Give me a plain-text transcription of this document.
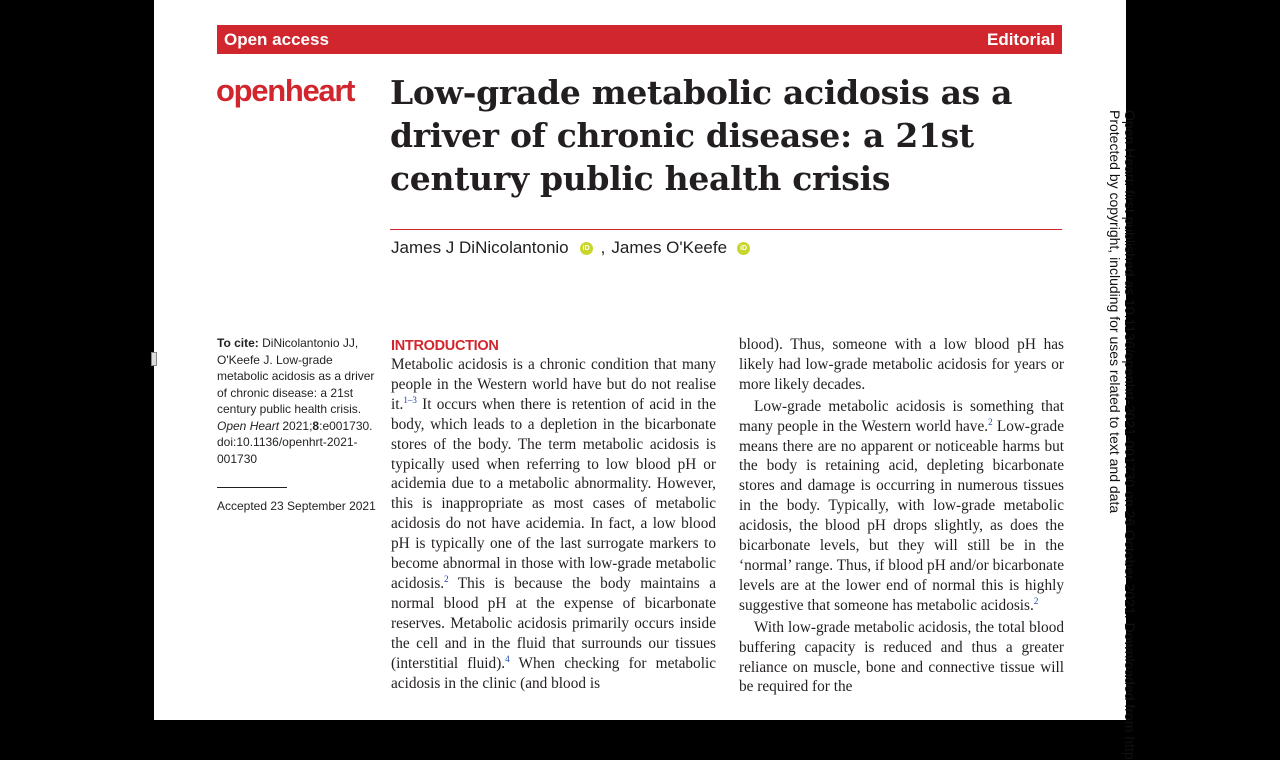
Open access	Editorial
openheart Low-grade metabolic acidosis as a driver of chronic disease: a 21st century public health crisis
James J DiNicolantonio	iD , James O'Keefe	iD
To cite: DiNicolantonio JJ, O'Keefe J. Low-grade metabolic acidosis as a driver of chronic disease: a 21st century public health crisis. Open Heart 2021;8:e001730. doi:10.1136/openhrt-2021-001730
Accepted 23 September 2021
INTRODUCTION

Metabolic acidosis is a chronic condition that many people in the Western world have but do not realise it.$^{1-3}$ It occurs when there is retention of acid in the body, which leads to a depletion in the bicarbonate stores of the body. The term metabolic acidosis is typically used when referring to low blood pH or acidemia due to a metabolic abnormality. However, this is inappropriate as most cases of metabolic acidosis do not have acidemia. In fact, a low blood pH is typically one of the last surrogate markers to become abnormal in those with low-grade metabolic acidosis.$^2$ This is because the body maintains a normal blood pH at the expense of bicarbonate reserves. Metabolic acidosis primarily occurs inside the cell and in the fluid that surrounds our tissues (interstitial fluid).$^4$ When checking for metabolic acidosis in the clinic (and blood is

blood). Thus, someone with a low blood pH has likely had low-grade metabolic acidosis for years or more likely decades.

Low-grade metabolic acidosis is something that many people in the Western world have.$^2$ Low-grade means there are no apparent or noticeable harms but the body is retaining acid, depleting bicarbonate stores and damage is occurring in numerous tissues in the body. Typically, with low-grade metabolic acidosis, the blood pH drops slightly, as does the bicarbonate levels, but they will still be in the ‘normal’ range. Thus, if blood pH and/or bicarbonate levels are at the lower end of normal this is highly suggestive that someone has metabolic acidosis.$^2$

With low-grade metabolic acidosis, the total blood buffering capacity is reduced and thus a greater reliance on muscle, bone and connective tissue will be required for the	Open Heart: first published as 10.1136/openhrt-2021-001730 on 26 October 2021. Downloaded from http
Protected by copyright, including for uses related to text and data
